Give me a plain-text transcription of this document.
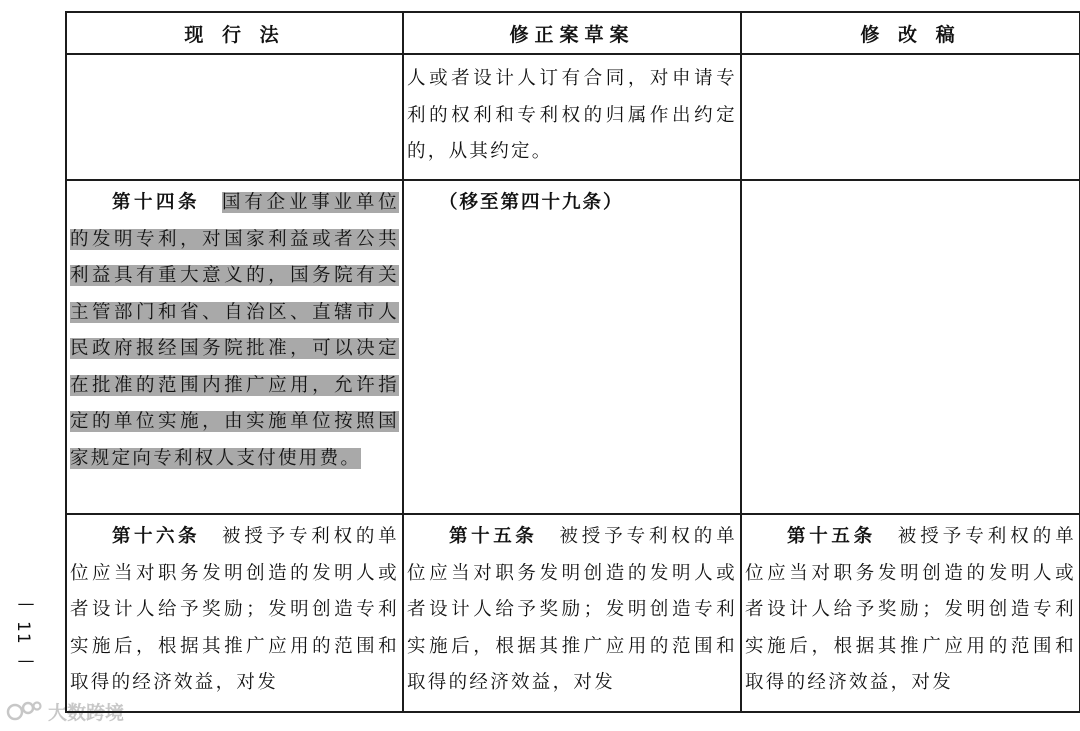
—
11
—
大数跨境
现 行 法	修正案草案	修 改 稿

	人或者设计人订有合同，对申请专利的权利和专利权的归属作出约定的，从其约定。	

第十四条 国有企业事业单位的发明专利，对国家利益或者公共利益具有重大意义的，国务院有关主管部门和省、自治区、直辖市人民政府报经国务院批准，可以决定在批准的范围内推广应用，允许指定的单位实施，由实施单位按照国家规定向专利权人支付使用费。	（移至第四十九条）	

第十六条 被授予专利权的单位应当对职务发明创造的发明人或者设计人给予奖励；发明创造专利实施后，根据其推广应用的范围和取得的经济效益，对发	第十五条 被授予专利权的单位应当对职务发明创造的发明人或者设计人给予奖励；发明创造专利实施后，根据其推广应用的范围和取得的经济效益，对发	第十五条 被授予专利权的单位应当对职务发明创造的发明人或者设计人给予奖励；发明创造专利实施后，根据其推广应用的范围和取得的经济效益，对发
